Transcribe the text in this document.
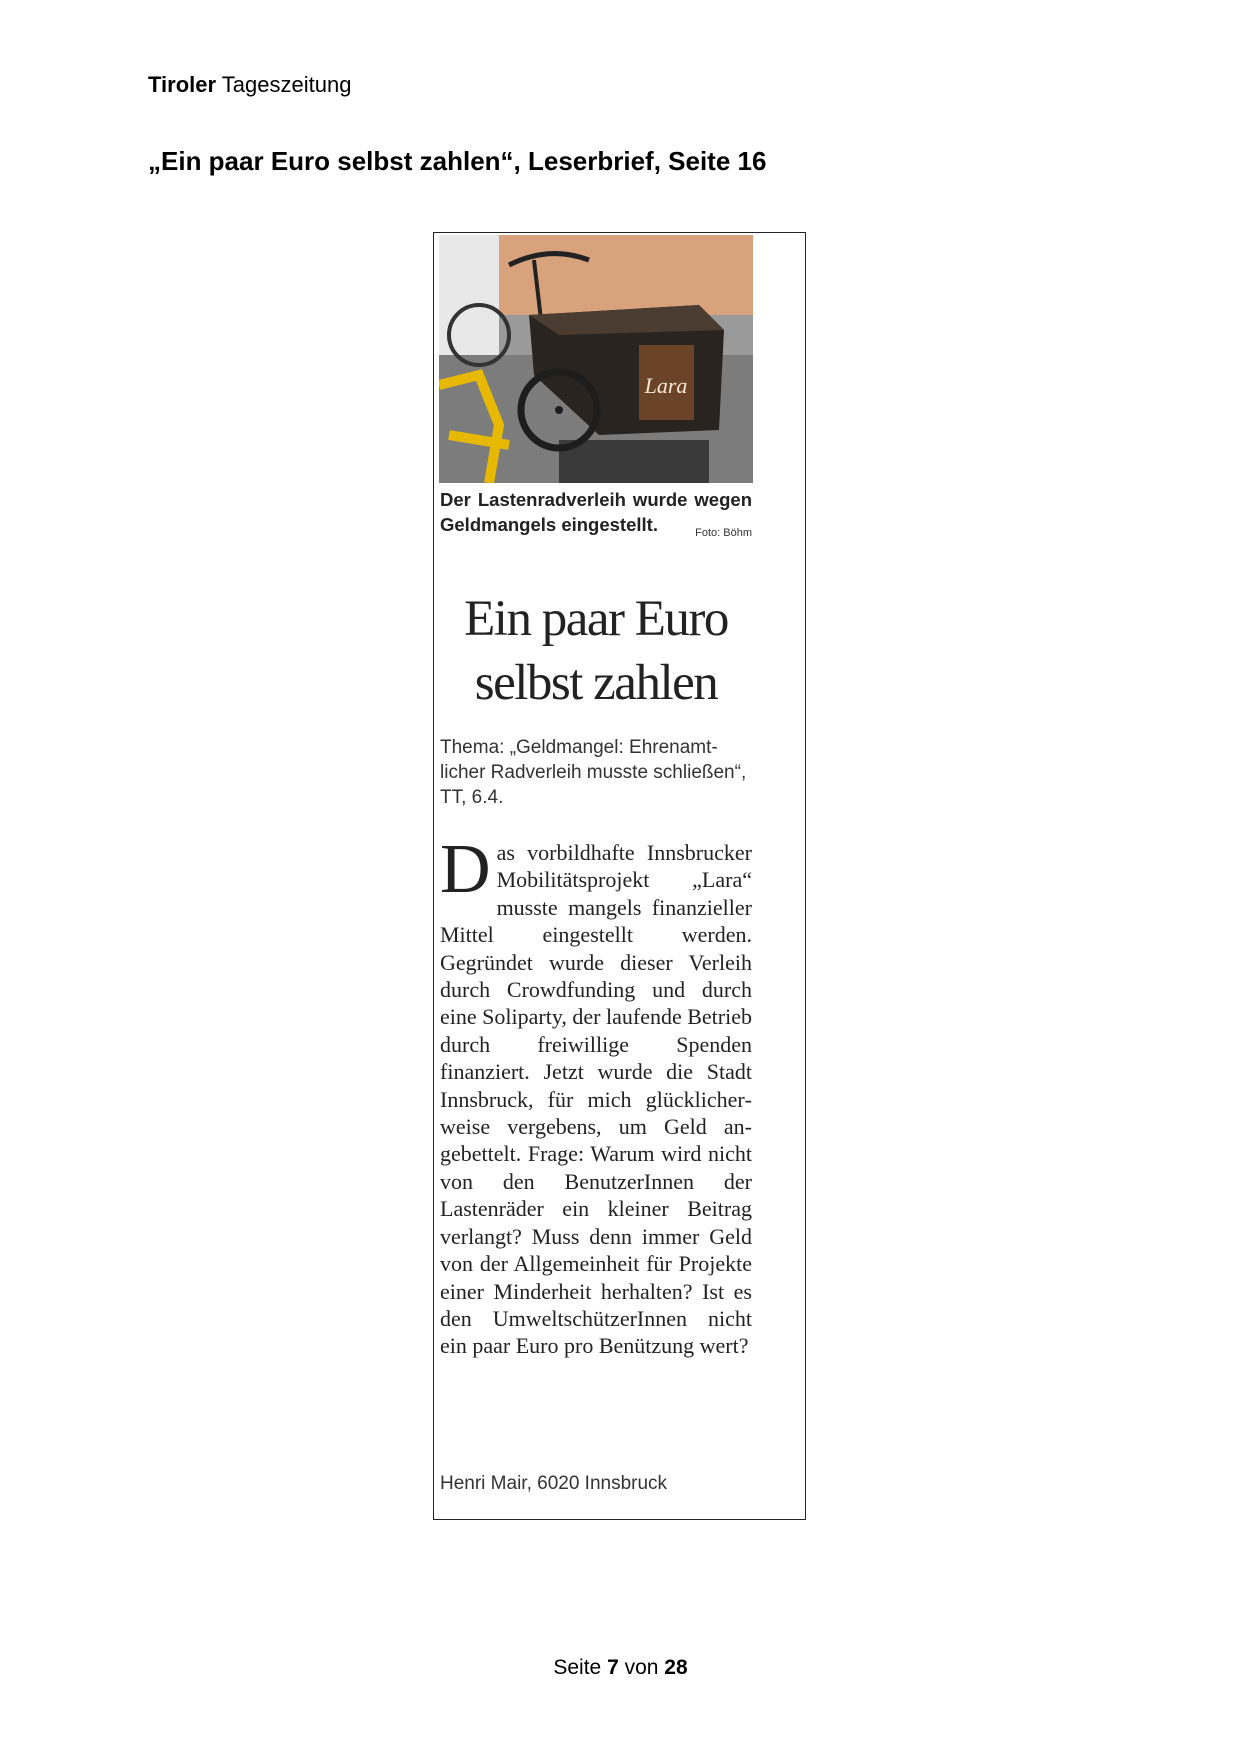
Tiroler Tageszeitung
„Ein paar Euro selbst zahlen“, Leserbrief, Seite 16
Lara
Der Lastenradverleih wurde wegen Geldmangels eingestellt.	Foto: Böhm
Ein paar Euro
selbst zahlen
Thema: „Geldmangel: Ehrenamtlicher Radverleih musste schließen“, TT, 6.4.
Das vorbildhafte Innsbrucker Mobilitätsprojekt „Lara“ musste mangels finanzieller Mittel eingestellt werden. Gegründet wurde dieser Verleih durch Crowdfunding und durch eine Soliparty, der laufende Betrieb durch freiwillige Spenden finanziert. Jetzt wurde die Stadt Innsbruck, für mich glücklicherweise vergebens, um Geld angebettelt. Frage: Warum wird nicht von den BenutzerInnen der Lastenräder ein kleiner Beitrag verlangt? Muss denn immer Geld von der Allgemeinheit für Projekte einer Minderheit herhalten? Ist es den UmweltschützerInnen nicht ein paar Euro pro Benützung wert?
Henri Mair, 6020 Innsbruck
Seite 7 von 28
